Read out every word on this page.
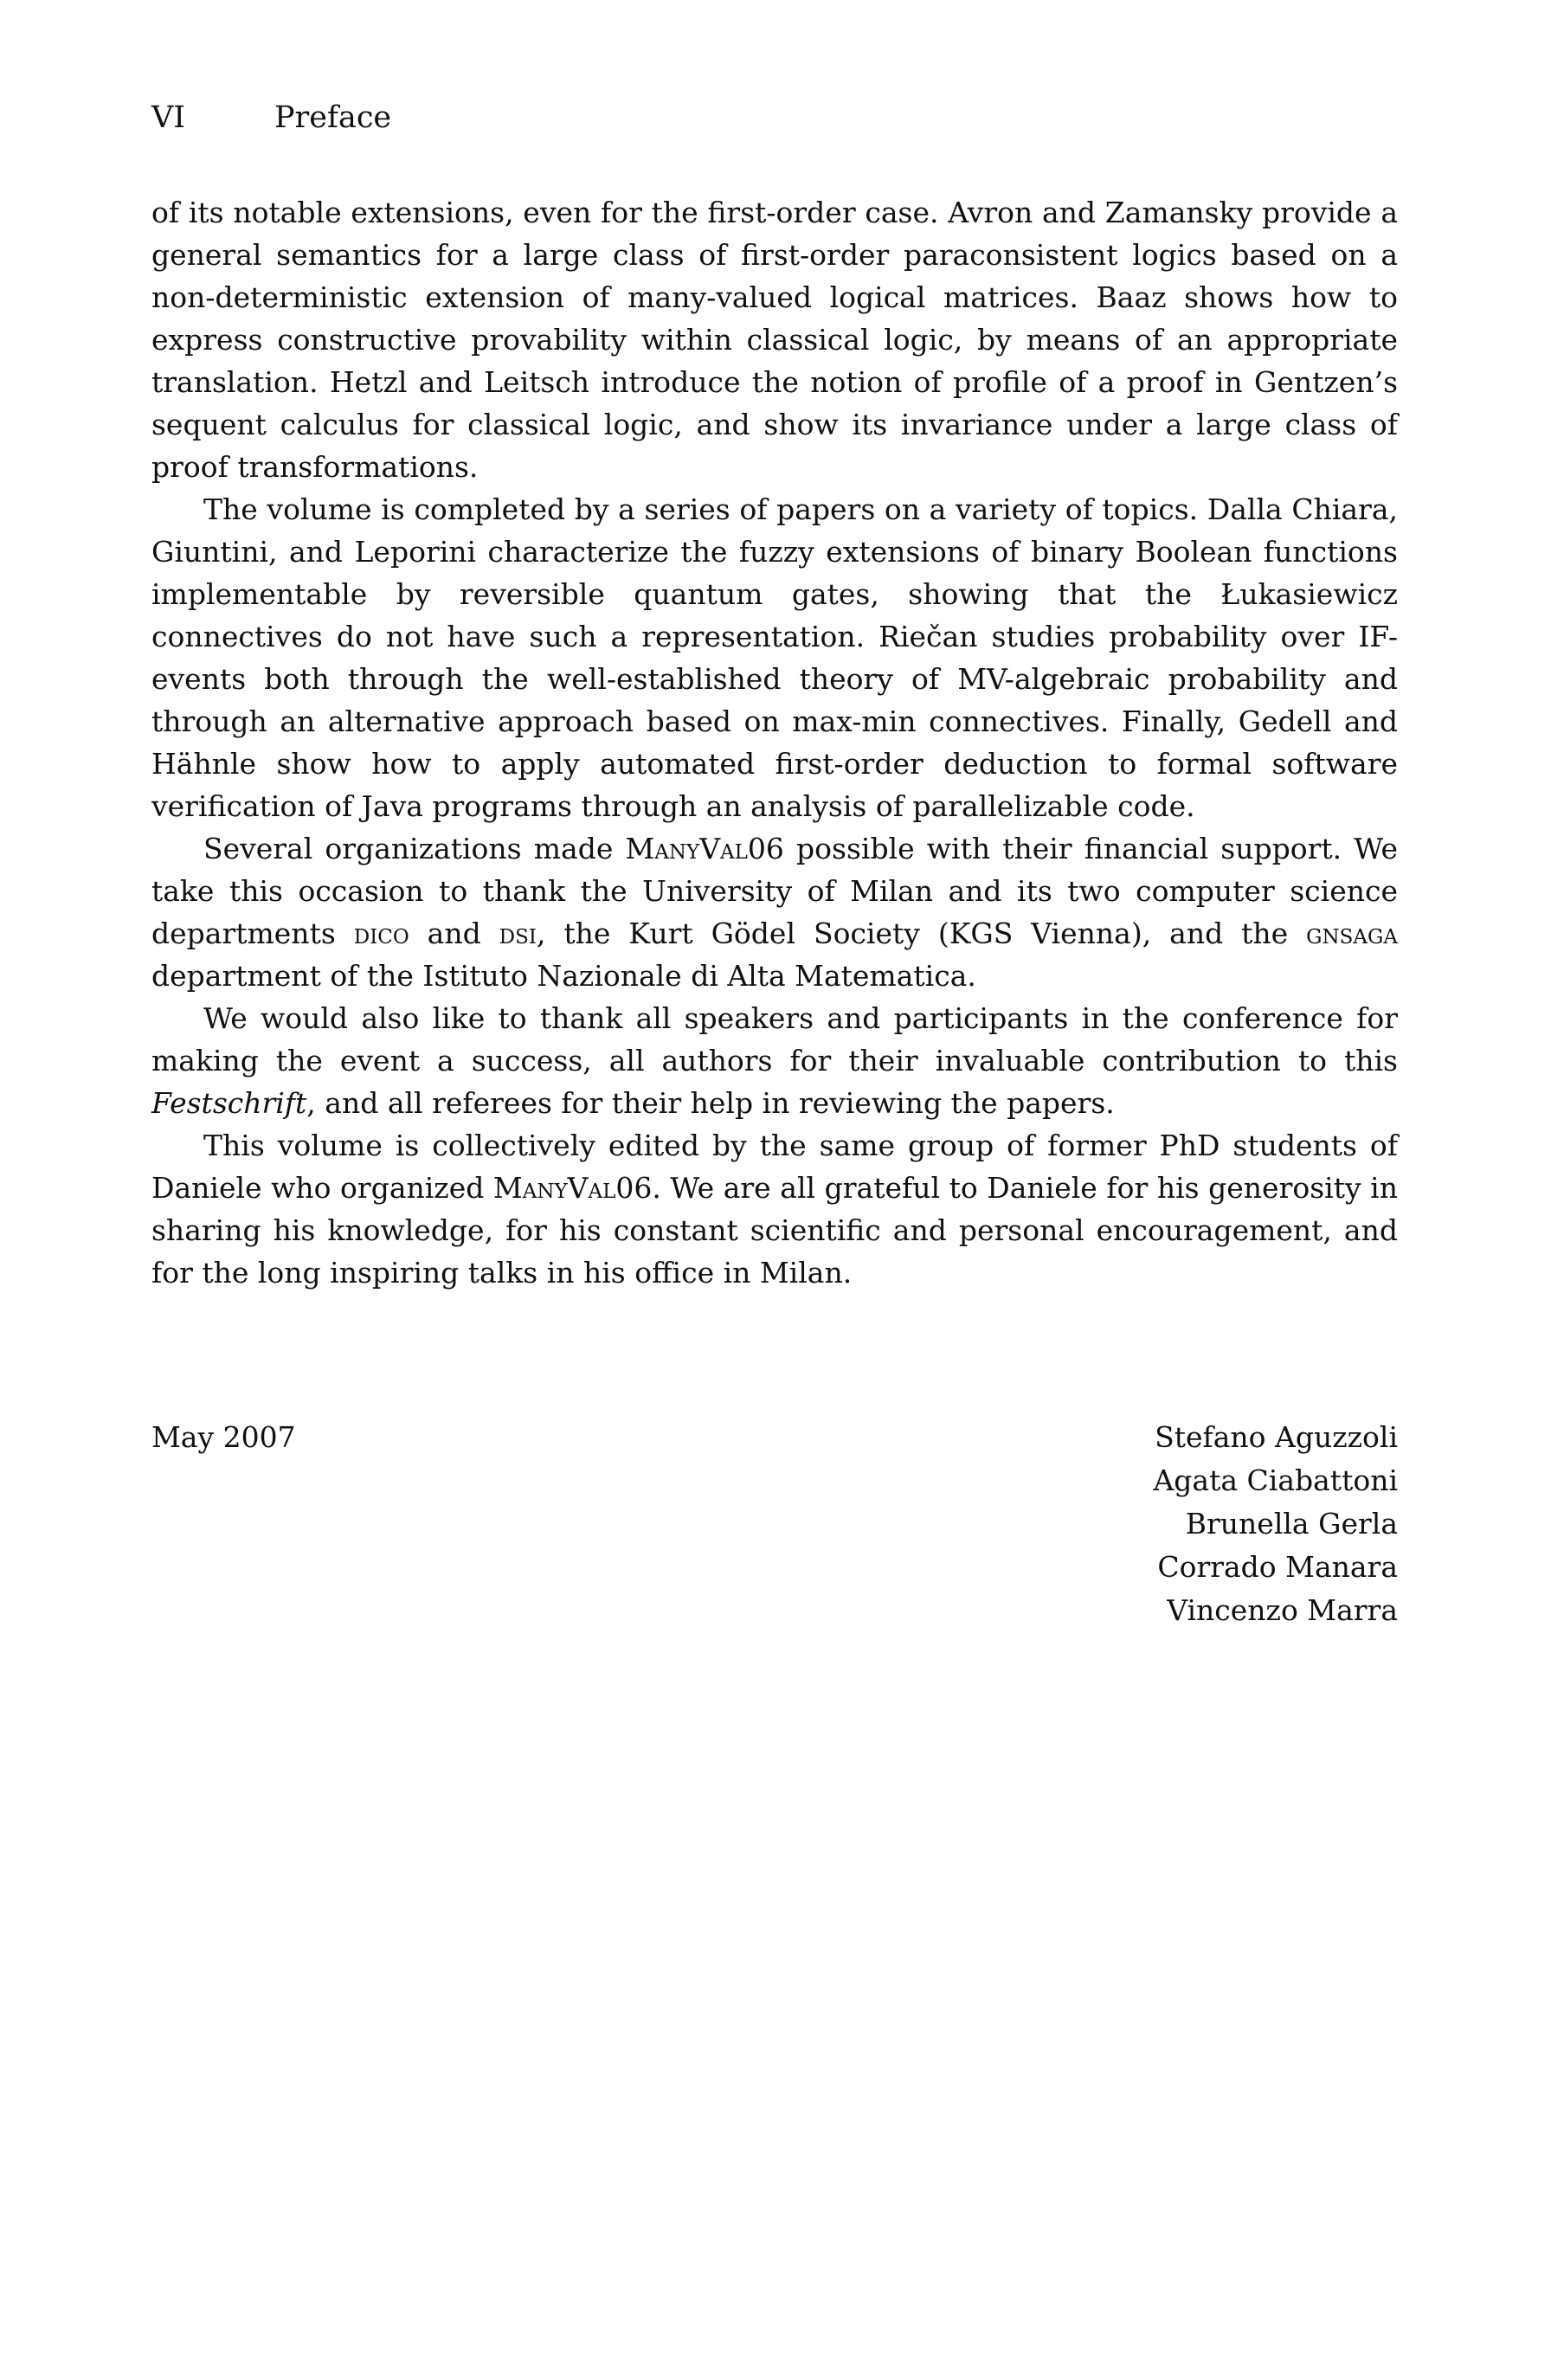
VI	Preface

of its notable extensions, even for the first-order case. Avron and Zamansky provide a general semantics for a large class of first-order paraconsistent logics based on a non-deterministic extension of many-valued logical matrices. Baaz shows how to express constructive provability within classical logic, by means of an appropriate translation. Hetzl and Leitsch introduce the notion of profile of a proof in Gentzen’s sequent calculus for classical logic, and show its invariance under a large class of proof transformations.

The volume is completed by a series of papers on a variety of topics. Dalla Chiara, Giuntini, and Leporini characterize the fuzzy extensions of binary Boolean functions implementable by reversible quantum gates, showing that the Łukasiewicz connectives do not have such a representation. Riečan studies probability over IF-events both through the well-established theory of MV-algebraic probability and through an alternative approach based on max-min connectives. Finally, Gedell and Hähnle show how to apply automated first-order deduction to formal software verification of Java programs through an analysis of parallelizable code.

Several organizations made ManyVal06 possible with their financial support. We take this occasion to thank the University of Milan and its two computer science departments dico and dsi, the Kurt Gödel Society (KGS Vienna), and the gnsaga department of the Istituto Nazionale di Alta Matematica.

We would also like to thank all speakers and participants in the conference for making the event a success, all authors for their invaluable contribution to this Festschrift, and all referees for their help in reviewing the papers.

This volume is collectively edited by the same group of former PhD students of Daniele who organized ManyVal06. We are all grateful to Daniele for his generosity in sharing his knowledge, for his constant scientific and personal encouragement, and for the long inspiring talks in his office in Milan.

May 2007	Stefano Aguzzoli
Agata Ciabattoni
Brunella Gerla
Corrado Manara
Vincenzo Marra
